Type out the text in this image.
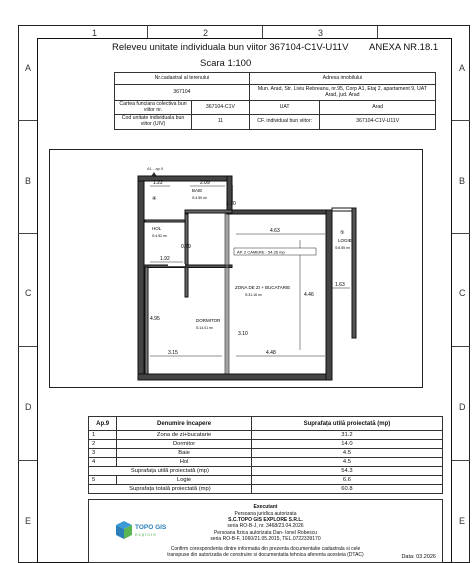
1	2	3
A
B
C
D
E
A
B
C
D
E
Releveu unitate individuala bun viitor 367104-C1V-U11V ANEXA NR.18.1
Scara 1:100
Nr.cadastral al terenului		Adresa imobilului	
367104		Mun. Arad, Str. Liviu Rebreanu, nr.95, Corp A1, Etaj 2, apartament 9, UAT Arad, jud. Arad	
Cartea funciara colectiva bun viitor nr.	367104-C1V	UAT	Arad
Cod unitate individuala bun viitor (UIV)	11	CF. individual bun viitor:	367104-C1V-U11V
A1 - ap.9
④
HOL
S:4.52 m²
BAIE
S:4.50 m²
⑤
LOGIE
S:6.55 m²
DORMITOR
S:14.01 m²
ZONA DE ZI + BUCATARIE
S:31.16 m²
AP. 2 CAMERE - 54.26 mp
1.22	2.09
1.70
0.79
4.63
1.92
1.63
4.46
3.15	4.48
4.95
3.10
Ap.9	Denumire încapere	Suprafața utilă proiectată (mp)
1	Zona de zi+bucatarie	31.2
2	Dormitor	14.0
3	Baie	4.5
4	Hol	4.5
Suprafața utilă proiectată (mp)		54.3
5	Logie	6.6
Suprafața totală proiectată (mp)		60.8
Executant
Persoana juridica autorizata
S.C.TOPO GIS EXPLORE S.R.L.
seria RO-B-J, nr. 3468/23.04.2026
Persoana fizica autorizata Dan- Ionel Robescu
seria RO-B-F, 1060/21.05.2015, TEL.0722339170
Confirm corespondenta dintre informatia din prezenta documentatie cadastrala si cele
transpuse din autorizatia de construire si documentatia tehnica aferenta acesteia (DTAC)
TOPO GIS
explore
Data: 03.2026
